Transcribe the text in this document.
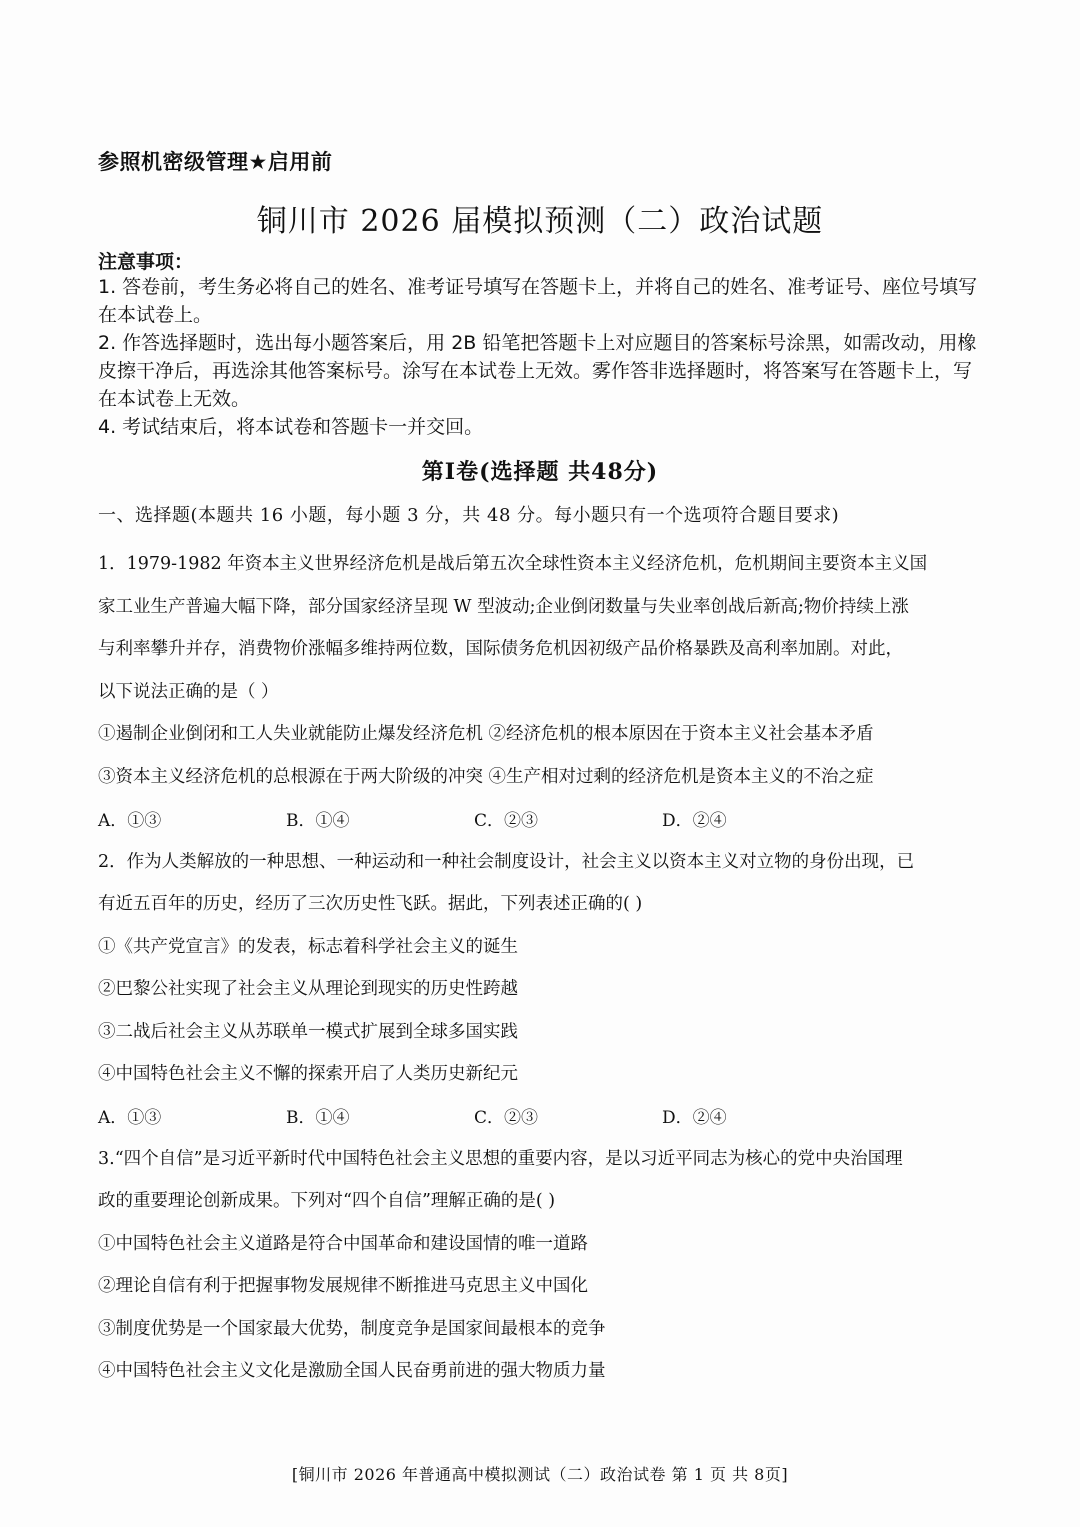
参照机密级管理★启用前
铜川市 2026 届模拟预测（二）政治试题
注意事项：
1. 答卷前，考生务必将自己的姓名、准考证号填写在答题卡上，并将自己的姓名、准考证号、座位号填写在本试卷上。
2. 作答选择题时，选出每小题答案后，用 2B 铅笔把答题卡上对应题目的答案标号涂黑，如需改动，用橡皮擦干净后，再选涂其他答案标号。涂写在本试卷上无效。雾作答非选择题时，将答案写在答题卡上，写在本试卷上无效。
4. 考试结束后，将本试卷和答题卡一并交回。
第Ⅰ卷(选择题 共48分)
一、选择题(本题共 16 小题，每小题 3 分，共 48 分。每小题只有一个选项符合题目要求)
1．1979-1982 年资本主义世界经济危机是战后第五次全球性资本主义经济危机，危机期间主要资本主义国
家工业生产普遍大幅下降，部分国家经济呈现 W 型波动;企业倒闭数量与失业率创战后新高;物价持续上涨
与利率攀升并存，消费物价涨幅多维持两位数，国际债务危机因初级产品价格暴跌及高利率加剧。对此，
以下说法正确的是（ ）
①遏制企业倒闭和工人失业就能防止爆发经济危机 ②经济危机的根本原因在于资本主义社会基本矛盾
③资本主义经济危机的总根源在于两大阶级的冲突 ④生产相对过剩的经济危机是资本主义的不治之症
A．①③	B．①④	C．②③	D．②④
2．作为人类解放的一种思想、一种运动和一种社会制度设计，社会主义以资本主义对立物的身份出现，已
有近五百年的历史，经历了三次历史性飞跃。据此，下列表述正确的( )
①《共产党宣言》的发表，标志着科学社会主义的诞生
②巴黎公社实现了社会主义从理论到现实的历史性跨越
③二战后社会主义从苏联单一模式扩展到全球多国实践
④中国特色社会主义不懈的探索开启了人类历史新纪元
A．①③	B．①④	C．②③	D．②④
3.“四个自信”是习近平新时代中国特色社会主义思想的重要内容，是以习近平同志为核心的党中央治国理
政的重要理论创新成果。下列对“四个自信”理解正确的是( )
①中国特色社会主义道路是符合中国革命和建设国情的唯一道路
②理论自信有利于把握事物发展规律不断推进马克思主义中国化
③制度优势是一个国家最大优势，制度竞争是国家间最根本的竞争
④中国特色社会主义文化是激励全国人民奋勇前进的强大物质力量
[铜川市 2026 年普通高中模拟测试（二）政治试卷 第 1 页 共 8页]
